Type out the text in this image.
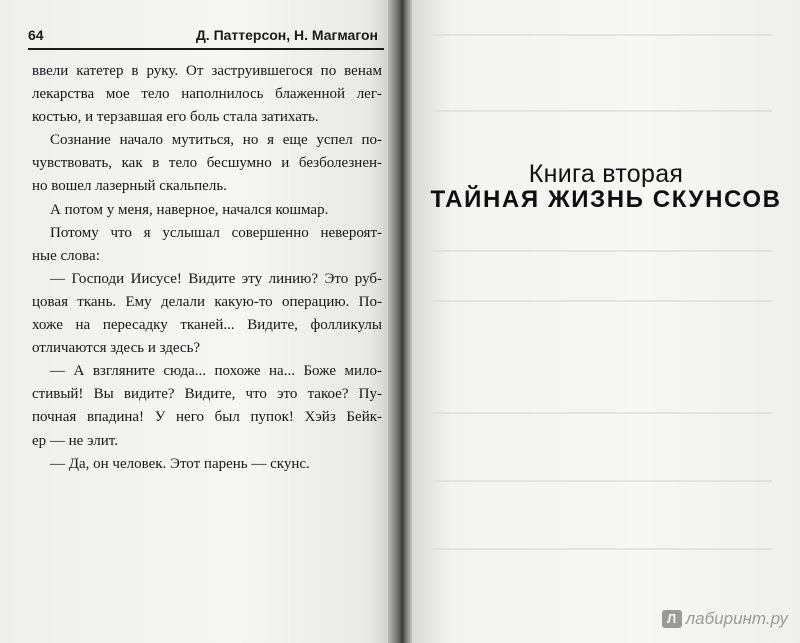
64	Д. Паттерсон, Н. Магмагон
ввели катетер в руку. От заструившегося по венам
лекарства мое тело наполнилось блаженной лег-
костью, и терзавшая его боль стала затихать.
Сознание начало мутиться, но я еще успел по-
чувствовать, как в тело бесшумно и безболезнен-
но вошел лазерный скальпель.
А потом у меня, наверное, начался кошмар.
Потому что я услышал совершенно невероят-
ные слова:
— Господи Иисусе! Видите эту линию? Это руб-
цовая ткань. Ему делали какую-то операцию. По-
хоже на пересадку тканей... Видите, фолликулы
отличаются здесь и здесь?
— А взгляните сюда... похоже на... Боже мило-
стивый! Вы видите? Видите, что это такое? Пу-
почная впадина! У него был пупок! Хэйз Бейк-
ер — не элит.
— Да, он человек. Этот парень — скунс.
Книга вторая
ТАЙНАЯ ЖИЗНЬ СКУНСОВ
Л лабиринт.ру
